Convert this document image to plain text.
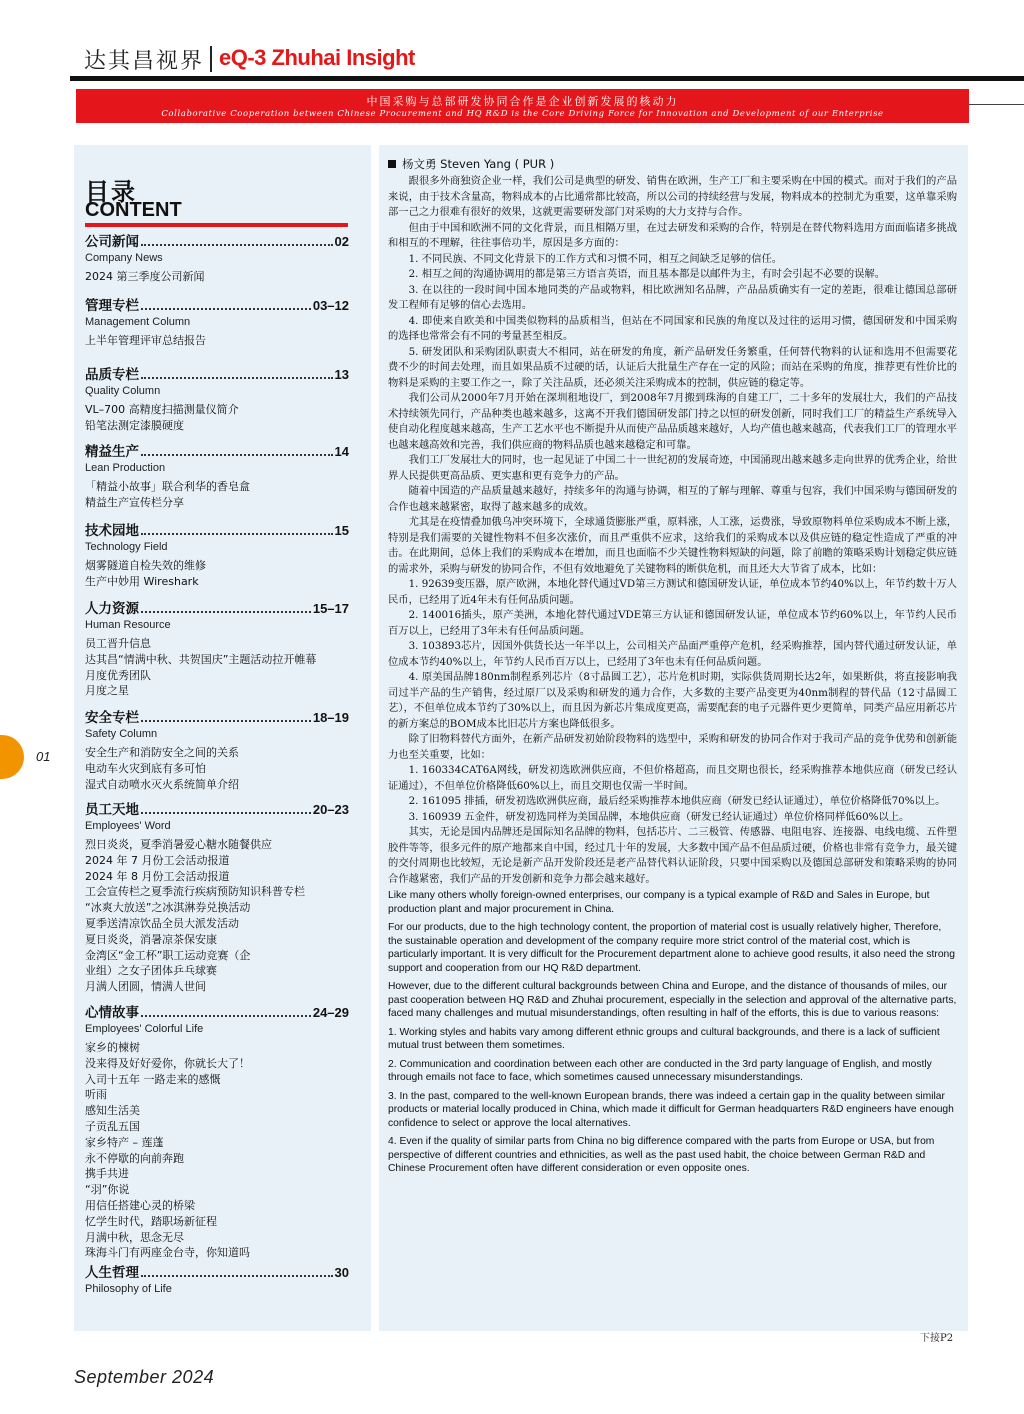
达其昌视界 eQ-3 Zhuhai Insight
中国采购与总部研发协同合作是企业创新发展的核动力
Collaborative Cooperation between Chinese Procurement and HQ R&D is the Core Driving Force for Innovation and Development of our Enterprise
目录
CONTENT
公司新闻	02
Company News
2024 第三季度公司新闻
管理专栏	03–12
Management Column
上半年管理评审总结报告
品质专栏	13
Quality Column
VL–700 高精度扫描测量仪简介
铅笔法测定漆膜硬度
精益生产	14
Lean Production
「精益小故事」联合利华的香皂盒
精益生产宣传栏分享
技术园地	15
Technology Field
烟雾隧道自检失效的维修
生产中妙用 Wireshark
人力资源	15–17
Human Resource
员工晋升信息
达其昌“情满中秋、共贺国庆”主题活动拉开帷幕
月度优秀团队
月度之星
安全专栏	18–19
Safety Column
安全生产和消防安全之间的关系
电动车火灾到底有多可怕
湿式自动喷水灭火系统简单介绍
员工天地	20–23
Employees' Word
烈日炎炎，夏季消暑爱心糖水随餐供应
2024 年 7 月份工会活动报道
2024 年 8 月份工会活动报道
工会宣传栏之夏季流行疾病预防知识科普专栏
“冰爽大放送”之冰淇淋券兑换活动
夏季送清凉饮品全员大派发活动
夏日炎炎，消暑凉茶保安康
金湾区“金工杯”职工运动竞赛（企
业组）之女子团体乒乓球赛
月满人团圆，情满人世间
心情故事	24–29
Employees' Colorful Life
家乡的楝树
没来得及好好爱你，你就长大了！
入司十五年 一路走来的感慨
听雨
感知生活美
子贡乱五国
家乡特产 – 莲蓬
永不停歇的向前奔跑
携手共进
“羽”你说
用信任搭建心灵的桥梁
忆学生时代，踏职场新征程
月满中秋，思念无尽
珠海斗门有两座金台寺，你知道吗
人生哲理	30
Philosophy of Life
01
September 2024
杨文勇 Steven Yang ( PUR )

跟很多外商独资企业一样，我们公司是典型的研发、销售在欧洲，生产工厂和主要采购在中国的模式。而对于我们的产品来说，由于技术含量高，物料成本的占比通常都比较高，所以公司的持续经营与发展，物料成本的控制尤为重要，这单靠采购部一己之力很难有很好的效果，这就更需要研发部门对采购的大力支持与合作。

但由于中国和欧洲不同的文化背景，而且相隔万里，在过去研发和采购的合作，特别是在替代物料选用方面面临诸多挑战和相互的不理解，往往事倍功半，原因是多方面的：

1. 不同民族、不同文化背景下的工作方式和习惯不同，相互之间缺乏足够的信任。

2. 相互之间的沟通协调用的都是第三方语言英语，而且基本都是以邮件为主，有时会引起不必要的误解。

3. 在以往的一段时间中国本地同类的产品或物料，相比欧洲知名品牌，产品品质确实有一定的差距，很难让德国总部研发工程师有足够的信心去选用。

4. 即使来自欧美和中国类似物料的品质相当，但站在不同国家和民族的角度以及过往的运用习惯，德国研发和中国采购的选择也常常会有不同的考量甚至相反。

5. 研发团队和采购团队职责大不相同，站在研发的角度，新产品研发任务繁重，任何替代物料的认证和选用不但需要花费不少的时间去处理，而且如果品质不过硬的话，认证后大批量生产存在一定的风险；而站在采购的角度，推荐更有性价比的物料是采购的主要工作之一，除了关注品质，还必须关注采购成本的控制，供应链的稳定等。

我们公司从2000年7月开始在深圳租地设厂，到2008年7月搬到珠海的自建工厂，二十多年的发展壮大，我们的产品技术持续领先同行，产品种类也越来越多，这离不开我们德国研发部门持之以恒的研发创新，同时我们工厂的精益生产系统导入使自动化程度越来越高，生产工艺水平也不断提升从而使产品品质越来越好，人均产值也越来越高，代表我们工厂的管理水平也越来越高效和完善，我们供应商的物料品质也越来越稳定和可靠。

我们工厂发展壮大的同时，也一起见证了中国二十一世纪初的发展奇迹，中国涌现出越来越多走向世界的优秀企业，给世界人民提供更高品质、更实惠和更有竞争力的产品。

随着中国造的产品质量越来越好，持续多年的沟通与协调，相互的了解与理解、尊重与包容，我们中国采购与德国研发的合作也越来越紧密，取得了越来越多的成效。

尤其是在疫情叠加俄乌冲突环境下，全球通货膨胀严重，原料涨，人工涨，运费涨，导致原物料单位采购成本不断上涨，特别是我们需要的关键性物料不但多次涨价，而且严重供不应求，这给我们的采购成本以及供应链的稳定性造成了严重的冲击。在此期间，总体上我们的采购成本在增加，而且也面临不少关键性物料短缺的问题，除了前瞻的策略采购计划稳定供应链的需求外，采购与研发的协同合作，不但有效地避免了关键物料的断供危机，而且还大大节省了成本，比如：

1. 92639变压器，原产欧洲，本地化替代通过VD第三方测试和德国研发认证，单位成本节约40%以上，年节约数十万人民币，已经用了近4年未有任何品质问题。

2. 140016插头，原产美洲，本地化替代通过VDE第三方认证和德国研发认证，单位成本节约60%以上，年节约人民币百万以上，已经用了3年未有任何品质问题。

3. 103893芯片，因国外供货长达一年半以上，公司相关产品面严重停产危机，经采购推荐，国内替代通过研发认证，单位成本节约40%以上，年节约人民币百万以上，已经用了3年也未有任何品质问题。

4. 原美国品牌180nm制程系列芯片（8寸晶圆工艺），芯片危机时期，实际供货周期长达2年，如果断供，将直接影响我司过半产品的生产销售，经过原厂以及采购和研发的通力合作，大多数的主要产品变更为40nm制程的替代品（12寸晶圆工艺），不但单位成本节约了30%以上，而且因为新芯片集成度更高，需要配套的电子元器件更少更简单，同类产品应用新芯片的新方案总的BOM成本比旧芯片方案也降低很多。

除了旧物料替代方面外，在新产品研发初始阶段物料的选型中，采购和研发的协同合作对于我司产品的竞争优势和创新能力也至关重要，比如：

1. 160334CAT6A网线，研发初选欧洲供应商，不但价格超高，而且交期也很长，经采购推荐本地供应商（研发已经认证通过），不但单位价格降低60%以上，而且交期也仅需一半时间。

2. 161095 排插，研发初选欧洲供应商，最后经采购推荐本地供应商（研发已经认证通过），单位价格降低70%以上。

3. 160939 五金件，研发初选同样为美国品牌，本地供应商（研发已经认证通过）单位价格同样低60%以上。

其实，无论是国内品牌还是国际知名品牌的物料，包括芯片、二三极管、传感器、电阻电容、连接器、电线电缆、五件塑胶件等等，很多元件的原产地都来自中国，经过几十年的发展，大多数中国产品不但品质过硬，价格也非常有竞争力，最关键的交付周期也比较短，无论是新产品开发阶段还是老产品替代料认证阶段，只要中国采购以及德国总部研发和策略采购的协同合作越紧密，我们产品的开发创新和竞争力都会越来越好。

Like many others wholly foreign-owned enterprises, our company is a typical example of R&D and Sales in Europe, but production plant and major procurement in China.

For our products, due to the high technology content, the proportion of material cost is usually relatively higher, Therefore, the sustainable operation and development of the company require more strict control of the material cost, which is particularly important. It is very difficult for the Procurement department alone to achieve good results, it also need the strong support and cooperation from our HQ R&D department.

However, due to the different cultural backgrounds between China and Europe, and the distance of thousands of miles, our past cooperation between HQ R&D and Zhuhai procurement, especially in the selection and approval of the alternative parts, faced many challenges and mutual misunderstandings, often resulting in half of the efforts, this is due to various reasons:

1. Working styles and habits vary among different ethnic groups and cultural backgrounds, and there is a lack of sufficient mutual trust between them sometimes.

2. Communication and coordination between each other are conducted in the 3rd party language of English, and mostly through emails not face to face, which sometimes caused unnecessary misunderstandings.

3. In the past, compared to the well-known European brands, there was indeed a certain gap in the quality between similar products or material locally produced in China, which made it difficult for German headquarters R&D engineers have enough confidence to select or approve the local alternatives.

4. Even if the quality of similar parts from China no big difference compared with the parts from Europe or USA, but from perspective of different countries and ethnicities, as well as the past used habit, the choice between German R&D and Chinese Procurement often have different consideration or even opposite ones.

下接P2
